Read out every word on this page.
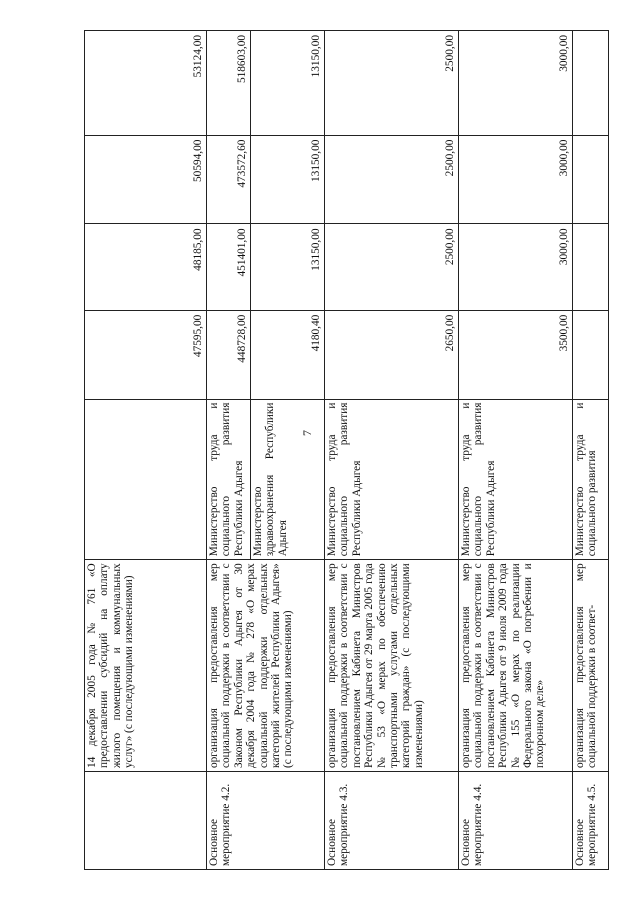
7
	14 декабря 2005 года № 761 «О предоставлении субсидий на оплату жилого помещения и коммунальных услуг» (с последующими изменениями)		47595,00	48185,00	50594,00	53124,00
Основное мероприятие 4.2.	организация предоставления мер социальной поддержки в соответствии с Законом Республики Адыгея от 30 декабря 2004 года № 278 «О мерах социальной поддержки отдельных категорий жителей Республики Адыгея» (с последующими изменениями)	Министерство труда и социального развития Республики Адыгея	448728,00	451401,00	473572,60	518603,00
		Министерство здравоохранения Республики Адыгея	4180,40	13150,00	13150,00	13150,00
Основное мероприятие 4.3.	организация предоставления мер социальной поддержки в соответствии с постановлением Кабинета Министров Республики Адыгея от 29 марта 2005 года № 53 «О мерах по обеспечению транспортными услугами отдельных категорий граждан» (с последующими изменениями)	Министерство труда и социального развития Республики Адыгея	2650,00	2500,00	2500,00	2500,00
Основное мероприятие 4.4.	организация предоставления мер социальной поддержки в соответствии с постановлением Кабинета Министров Республики Адыгея от 9 июля 2009 года № 155 «О мерах по реализации Федерального закона «О погребении и похоронном деле»	Министерство труда и социального развития Республики Адыгея	3500,00	3000,00	3000,00	3000,00
Основное мероприятие 4.5.	организация предоставления мер социальной поддержки в соответ-	Министерство труда и социального развития				
